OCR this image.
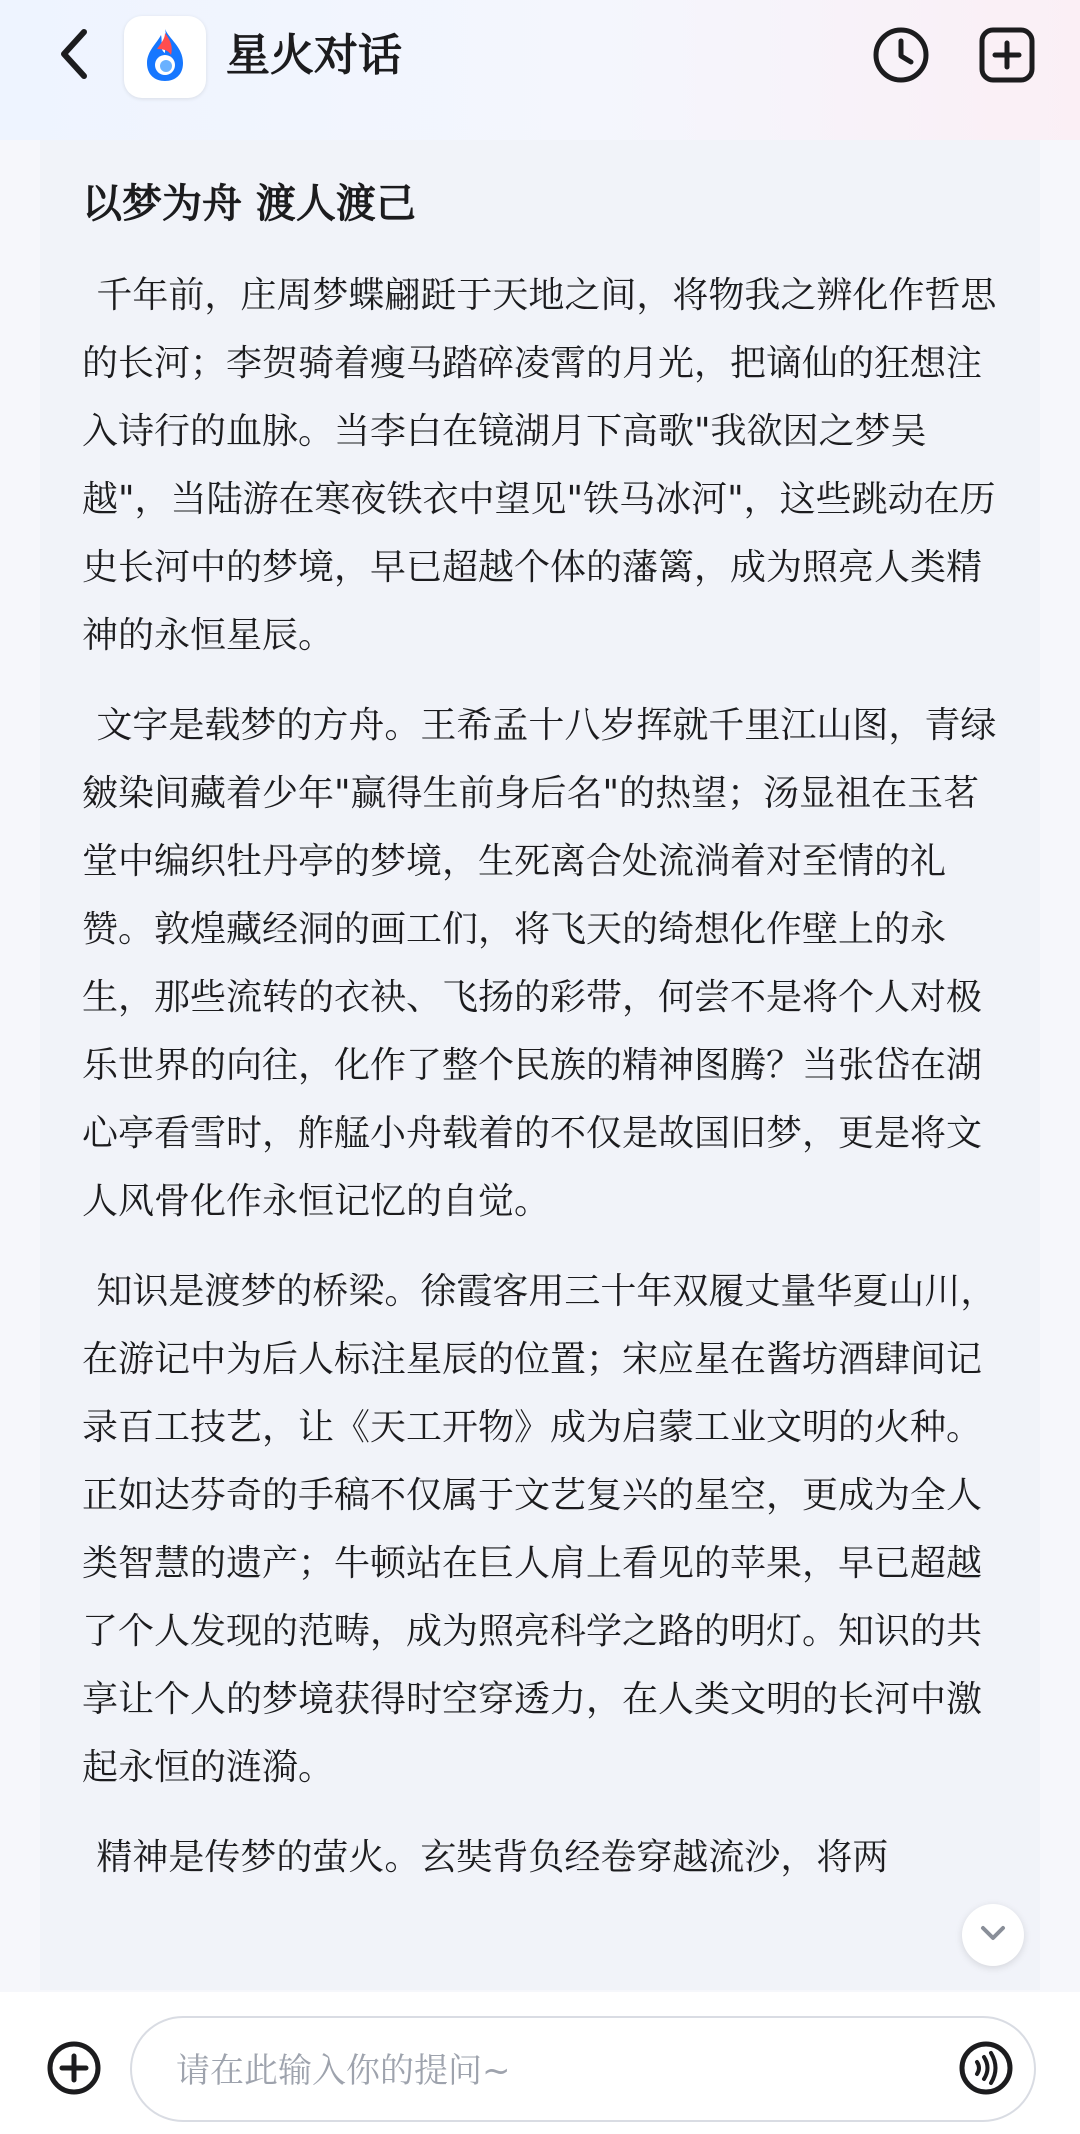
星火对话
以梦为舟 渡人渡己

千年前，庄周梦蝶翩跹于天地之间，将物我之辨化作哲思的长河；李贺骑着瘦马踏碎凌霄的月光，把谪仙的狂想注入诗行的血脉。当李白在镜湖月下高歌"我欲因之梦吴越"，当陆游在寒夜铁衣中望见"铁马冰河"，这些跳动在历史长河中的梦境，早已超越个体的藩篱，成为照亮人类精神的永恒星辰。

文字是载梦的方舟。王希孟十八岁挥就千里江山图，青绿皴染间藏着少年"赢得生前身后名"的热望；汤显祖在玉茗堂中编织牡丹亭的梦境，生死离合处流淌着对至情的礼赞。敦煌藏经洞的画工们，将飞天的绮想化作壁上的永生，那些流转的衣袂、飞扬的彩带，何尝不是将个人对极乐世界的向往，化作了整个民族的精神图腾？当张岱在湖心亭看雪时，舴艋小舟载着的不仅是故国旧梦，更是将文人风骨化作永恒记忆的自觉。

知识是渡梦的桥梁。徐霞客用三十年双履丈量华夏山川，在游记中为后人标注星辰的位置；宋应星在酱坊酒肆间记录百工技艺，让《天工开物》成为启蒙工业文明的火种。正如达芬奇的手稿不仅属于文艺复兴的星空，更成为全人类智慧的遗产；牛顿站在巨人肩上看见的苹果，早已超越了个人发现的范畴，成为照亮科学之路的明灯。知识的共享让个人的梦境获得时空穿透力，在人类文明的长河中激起永恒的涟漪。

精神是传梦的萤火。玄奘背负经卷穿越流沙，将两

请在此输入你的提问~
